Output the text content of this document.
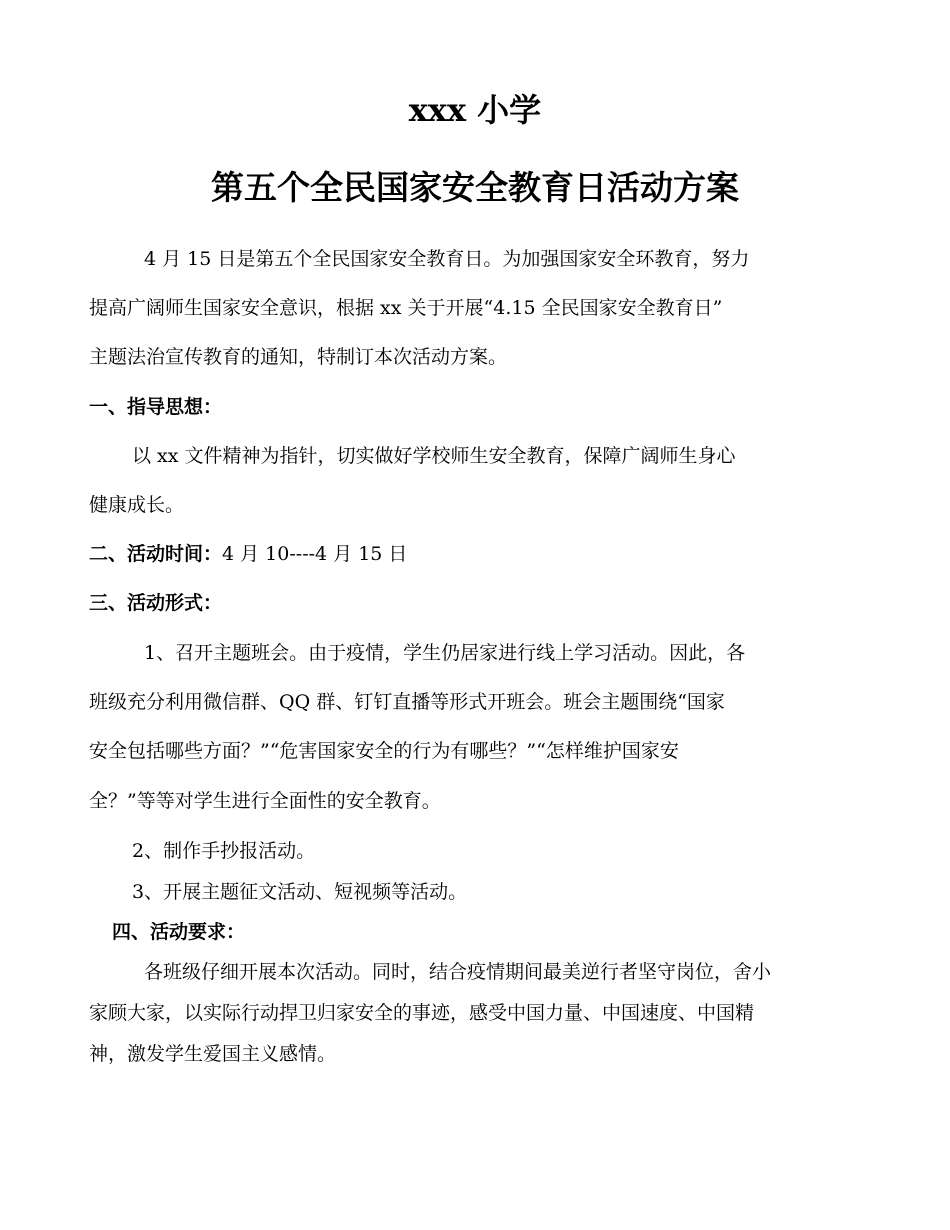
xxx 小学
第五个全民国家安全教育日活动方案
4 月 15 日是第五个全民国家安全教育日。为加强国家安全环教育，努力
提高广阔师生国家安全意识，根据 xx 关于开展“4.15 全民国家安全教育日”
主题法治宣传教育的通知，特制订本次活动方案。
一、指导思想：
以 xx 文件精神为指针，切实做好学校师生安全教育，保障广阔师生身心
健康成长。
二、活动时间：4 月 10----4 月 15 日
三、活动形式：
1、召开主题班会。由于疫情，学生仍居家进行线上学习活动。因此，各
班级充分利用微信群、QQ 群、钉钉直播等形式开班会。班会主题围绕“国家
安全包括哪些方面？”“危害国家安全的行为有哪些？”“怎样维护国家安
全？”等等对学生进行全面性的安全教育。
2、制作手抄报活动。
3、开展主题征文活动、短视频等活动。
四、活动要求：
各班级仔细开展本次活动。同时，结合疫情期间最美逆行者坚守岗位，舍小
家顾大家，以实际行动捍卫归家安全的事迹，感受中国力量、中国速度、中国精
神，激发学生爱国主义感情。
